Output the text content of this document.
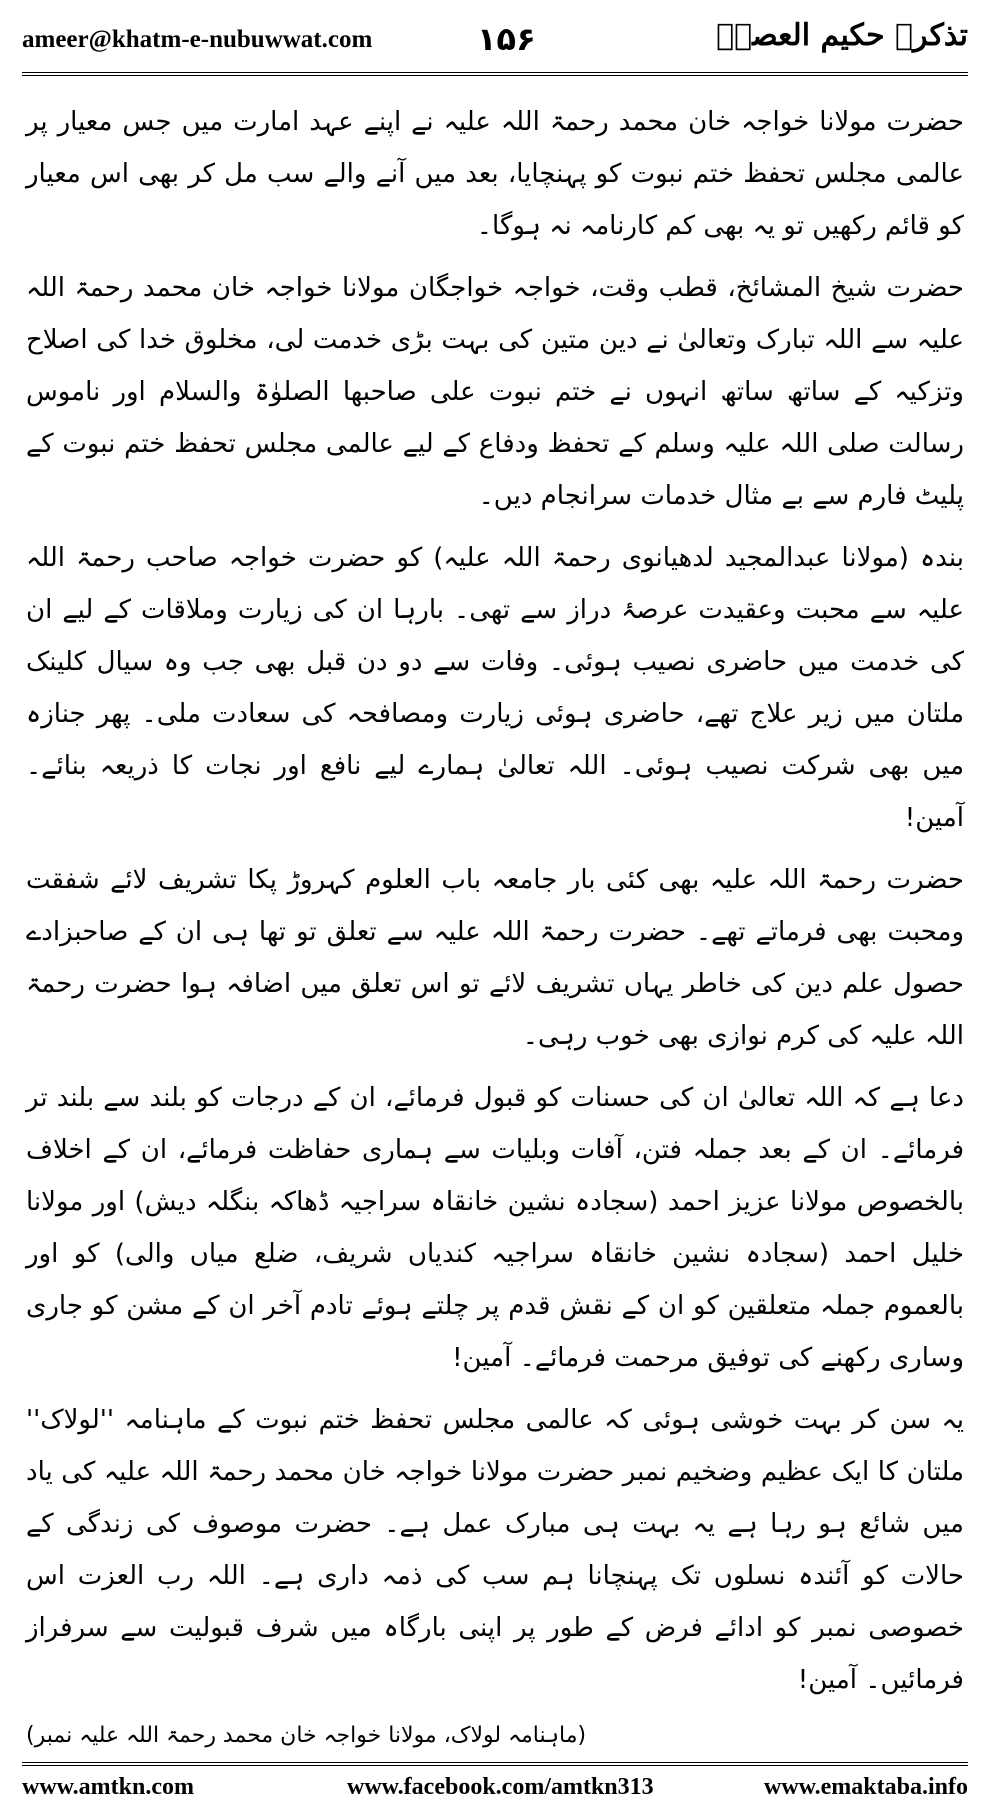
ameer@khatm-e-nubuwwat.com	۱۵۶	تذکرہ حکیم العصرؒ

حضرت مولانا خواجہ خان محمد رحمۃ اللہ علیہ نے اپنے عہد امارت میں جس معیار پر عالمی مجلس تحفظ ختم نبوت کو پہنچایا، بعد میں آنے والے سب مل کر بھی اس معیار کو قائم رکھیں تو یہ بھی کم کارنامہ نہ ہوگا۔

حضرت شیخ المشائخ، قطب وقت، خواجہ خواجگان مولانا خواجہ خان محمد رحمۃ اللہ علیہ سے اللہ تبارک وتعالیٰ نے دین متین کی بہت بڑی خدمت لی، مخلوق خدا کی اصلاح وتزکیہ کے ساتھ ساتھ انہوں نے ختم نبوت علی صاحبھا الصلوٰۃ والسلام اور ناموس رسالت صلی اللہ علیہ وسلم کے تحفظ ودفاع کے لیے عالمی مجلس تحفظ ختم نبوت کے پلیٹ فارم سے بے مثال خدمات سرانجام دیں۔

بندہ (مولانا عبدالمجید لدھیانوی رحمۃ اللہ علیہ) کو حضرت خواجہ صاحب رحمۃ اللہ علیہ سے محبت وعقیدت عرصۂ دراز سے تھی۔ بارہا ان کی زیارت وملاقات کے لیے ان کی خدمت میں حاضری نصیب ہوئی۔ وفات سے دو دن قبل بھی جب وہ سیال کلینک ملتان میں زیر علاج تھے، حاضری ہوئی زیارت ومصافحہ کی سعادت ملی۔ پھر جنازہ میں بھی شرکت نصیب ہوئی۔ اللہ تعالیٰ ہمارے لیے نافع اور نجات کا ذریعہ بنائے۔ آمین!

حضرت رحمۃ اللہ علیہ بھی کئی بار جامعہ باب العلوم کہروڑ پکا تشریف لائے شفقت ومحبت بھی فرماتے تھے۔ حضرت رحمۃ اللہ علیہ سے تعلق تو تھا ہی ان کے صاحبزادے حصول علم دین کی خاطر یہاں تشریف لائے تو اس تعلق میں اضافہ ہوا حضرت رحمۃ اللہ علیہ کی کرم نوازی بھی خوب رہی۔

دعا ہے کہ اللہ تعالیٰ ان کی حسنات کو قبول فرمائے، ان کے درجات کو بلند سے بلند تر فرمائے۔ ان کے بعد جملہ فتن، آفات وبلیات سے ہماری حفاظت فرمائے، ان کے اخلاف بالخصوص مولانا عزیز احمد (سجادہ نشین خانقاہ سراجیہ ڈھاکہ بنگلہ دیش) اور مولانا خلیل احمد (سجادہ نشین خانقاہ سراجیہ کندیاں شریف، ضلع میاں والی) کو اور بالعموم جملہ متعلقین کو ان کے نقش قدم پر چلتے ہوئے تادم آخر ان کے مشن کو جاری وساری رکھنے کی توفیق مرحمت فرمائے۔ آمین!

یہ سن کر بہت خوشی ہوئی کہ عالمی مجلس تحفظ ختم نبوت کے ماہنامہ ''لولاک'' ملتان کا ایک عظیم وضخیم نمبر حضرت مولانا خواجہ خان محمد رحمۃ اللہ علیہ کی یاد میں شائع ہو رہا ہے یہ بہت ہی مبارک عمل ہے۔ حضرت موصوف کی زندگی کے حالات کو آئندہ نسلوں تک پہنچانا ہم سب کی ذمہ داری ہے۔ اللہ رب العزت اس خصوصی نمبر کو ادائے فرض کے طور پر اپنی بارگاہ میں شرف قبولیت سے سرفراز فرمائیں۔ آمین!

(ماہنامہ لولاک، مولانا خواجہ خان محمد رحمۃ اللہ علیہ نمبر)

www.amtkn.com	www.facebook.com/amtkn313	www.emaktaba.info
